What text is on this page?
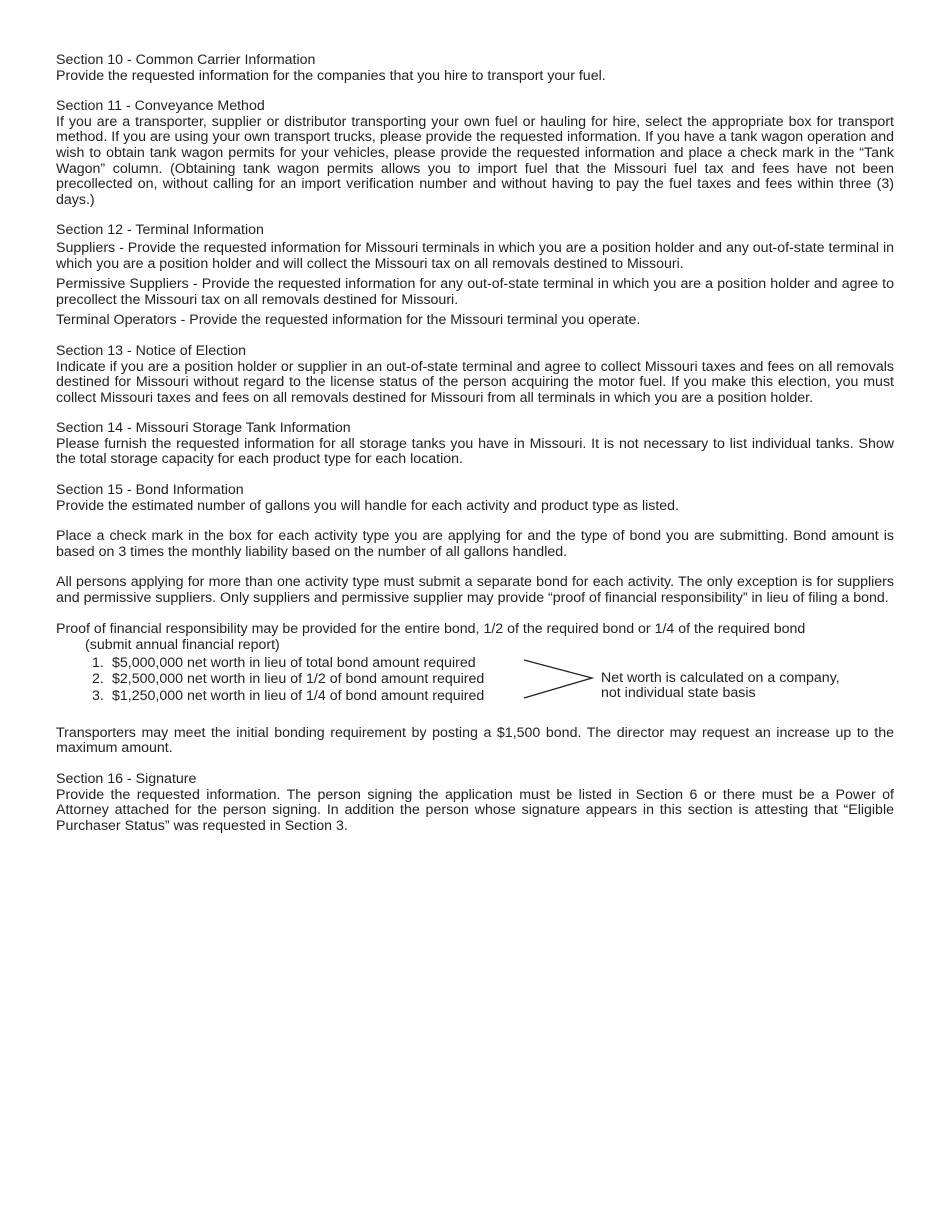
Section 10 - Common Carrier Information
Provide the requested information for the companies that you hire to transport your fuel.
Section 11 - Conveyance Method
If you are a transporter, supplier or distributor transporting your own fuel or hauling for hire, select the appropriate box for transport method. If you are using your own transport trucks, please provide the requested information. If you have a tank wagon operation and wish to obtain tank wagon permits for your vehicles, please provide the requested information and place a check mark in the “Tank Wagon” column. (Obtaining tank wagon permits allows you to import fuel that the Missouri fuel tax and fees have not been precollected on, without calling for an import verification number and without having to pay the fuel taxes and fees within three (3) days.)
Section 12 - Terminal Information
Suppliers - Provide the requested information for Missouri terminals in which you are a position holder and any out-of-state terminal in which you are a position holder and will collect the Missouri tax on all removals destined to Missouri.
Permissive Suppliers - Provide the requested information for any out-of-state terminal in which you are a position holder and agree to precollect the Missouri tax on all removals destined for Missouri.
Terminal Operators - Provide the requested information for the Missouri terminal you operate.
Section 13 - Notice of Election
Indicate if you are a position holder or supplier in an out-of-state terminal and agree to collect Missouri taxes and fees on all removals destined for Missouri without regard to the license status of the person acquiring the motor fuel. If you make this election, you must collect Missouri taxes and fees on all removals destined for Missouri from all terminals in which you are a position holder.
Section 14 - Missouri Storage Tank Information
Please furnish the requested information for all storage tanks you have in Missouri. It is not necessary to list individual tanks. Show the total storage capacity for each product type for each location.
Section 15 - Bond Information
Provide the estimated number of gallons you will handle for each activity and product type as listed.
Place a check mark in the box for each activity type you are applying for and the type of bond you are submitting. Bond amount is based on 3 times the monthly liability based on the number of all gallons handled.
All persons applying for more than one activity type must submit a separate bond for each activity. The only exception is for suppliers and permissive suppliers. Only suppliers and permissive supplier may provide “proof of financial responsibility” in lieu of filing a bond.
Proof of financial responsibility may be provided for the entire bond, 1/2 of the required bond or 1/4 of the required bond
(submit annual financial report)
1. $5,000,000 net worth in lieu of total bond amount required
2. $2,500,000 net worth in lieu of 1/2 of bond amount required
3. $1,250,000 net worth in lieu of 1/4 of bond amount required
Net worth is calculated on a company,
not individual state basis
Transporters may meet the initial bonding requirement by posting a $1,500 bond. The director may request an increase up to the maximum amount.
Section 16 - Signature
Provide the requested information. The person signing the application must be listed in Section 6 or there must be a Power of Attorney attached for the person signing. In addition the person whose signature appears in this section is attesting that “Eligible Purchaser Status” was requested in Section 3.
